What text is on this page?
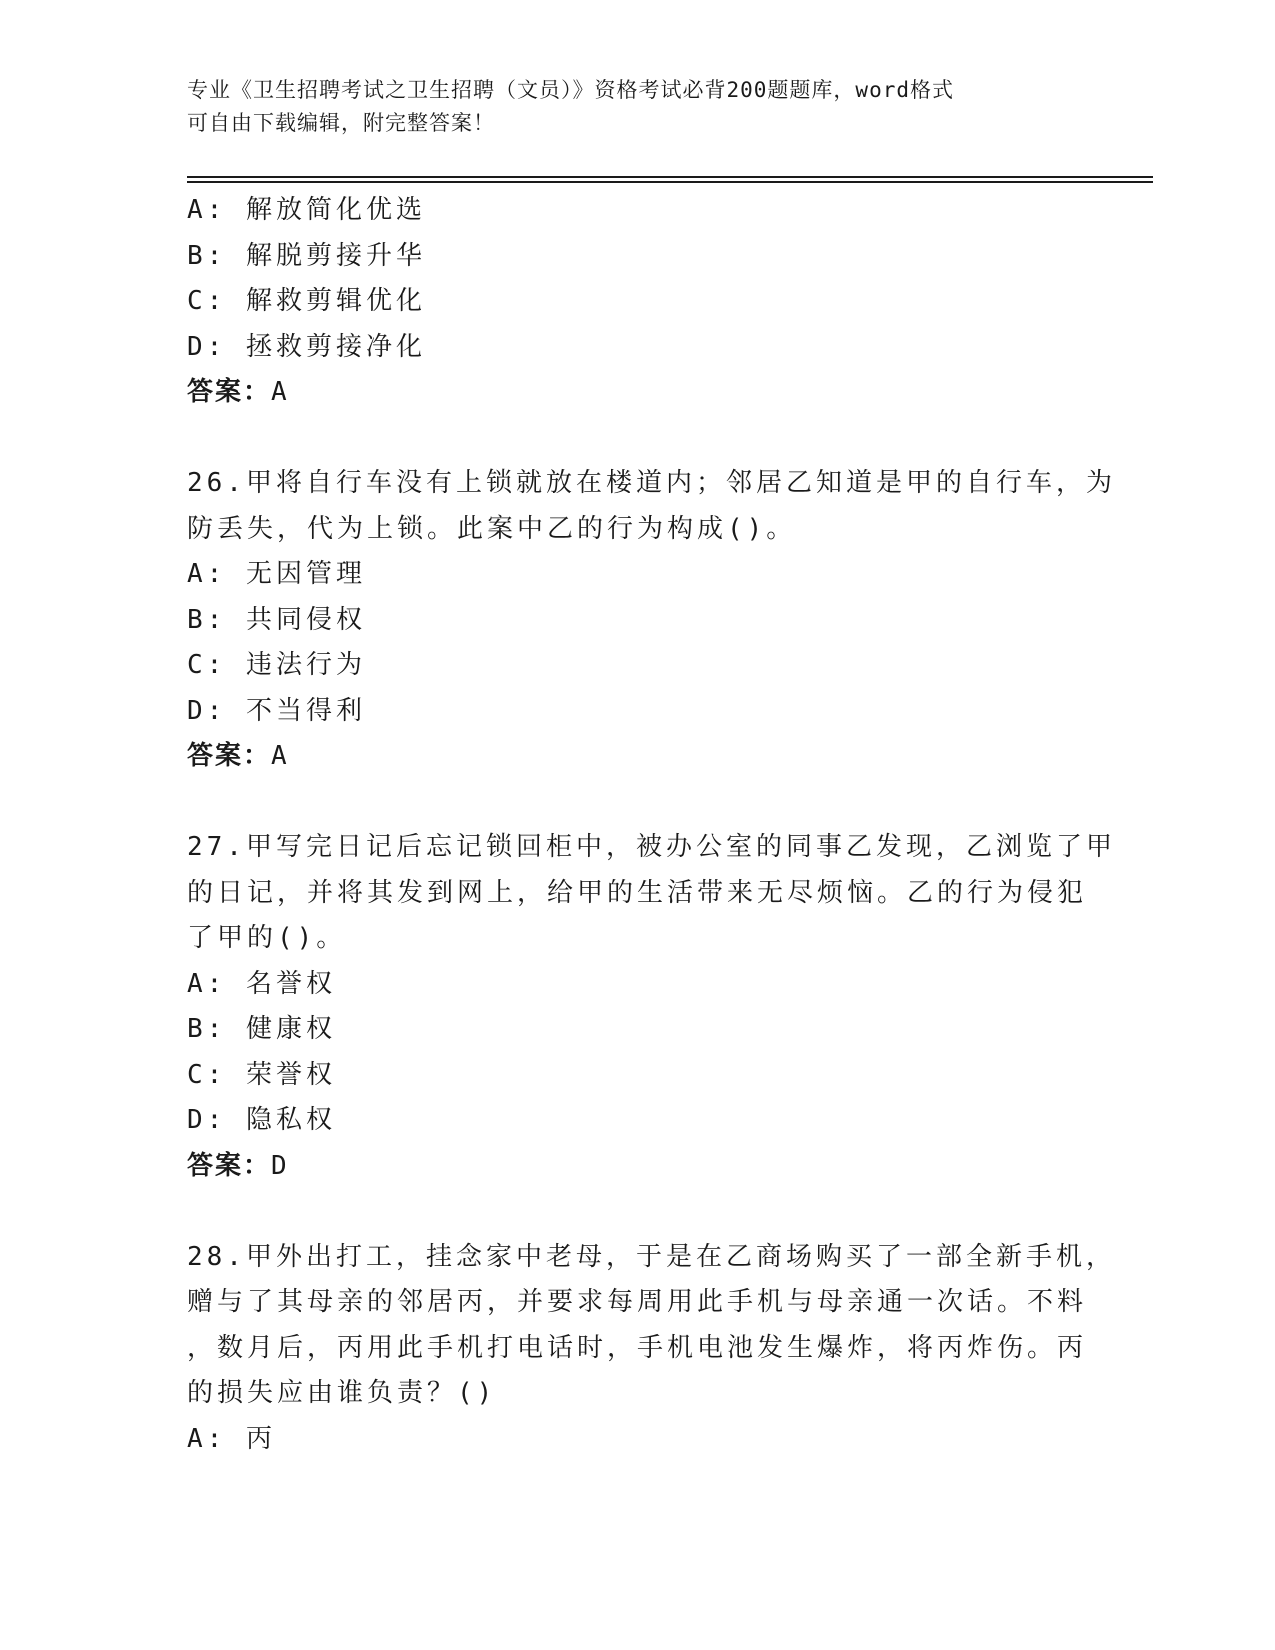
专业《卫生招聘考试之卫生招聘（文员）》资格考试必背200题题库，word格式
可自由下载编辑，附完整答案！
A: 解放简化优选
B: 解脱剪接升华
C: 解救剪辑优化
D: 拯救剪接净化
答案：A
26.甲将自行车没有上锁就放在楼道内；邻居乙知道是甲的自行车，为
防丢失，代为上锁。此案中乙的行为构成()。
A: 无因管理
B: 共同侵权
C: 违法行为
D: 不当得利
答案：A
27.甲写完日记后忘记锁回柜中，被办公室的同事乙发现，乙浏览了甲
的日记，并将其发到网上，给甲的生活带来无尽烦恼。乙的行为侵犯
了甲的()。
A: 名誉权
B: 健康权
C: 荣誉权
D: 隐私权
答案：D
28.甲外出打工，挂念家中老母，于是在乙商场购买了一部全新手机，
赠与了其母亲的邻居丙，并要求每周用此手机与母亲通一次话。不料
，数月后，丙用此手机打电话时，手机电池发生爆炸，将丙炸伤。丙
的损失应由谁负责？()
A: 丙
